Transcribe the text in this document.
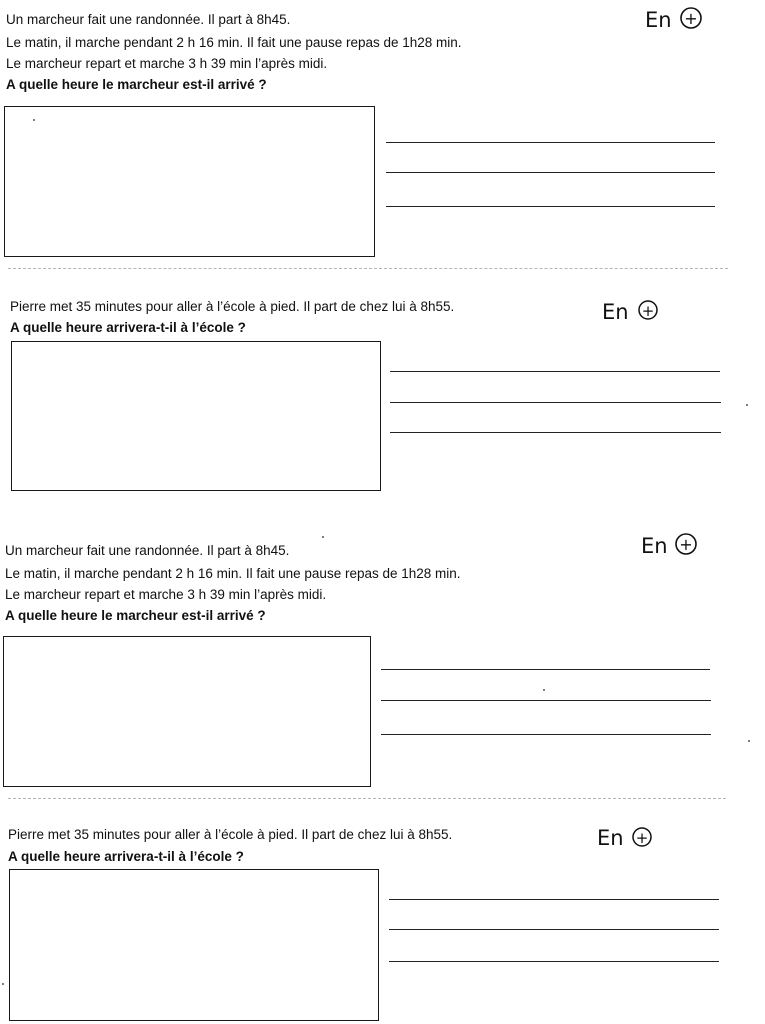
Un marcheur fait une randonnée. Il part à 8h45.
Le matin, il marche pendant 2 h 16 min. Il fait une pause repas de 1h28 min.
Le marcheur repart et marche 3 h 39 min l’après midi.
A quelle heure le marcheur est-il arrivé ?
En +
Pierre met 35 minutes pour aller à l’école à pied. Il part de chez lui à 8h55.
A quelle heure arrivera-t-il à l’école ?
En +
Un marcheur fait une randonnée. Il part à 8h45.
Le matin, il marche pendant 2 h 16 min. Il fait une pause repas de 1h28 min.
Le marcheur repart et marche 3 h 39 min l’après midi.
A quelle heure le marcheur est-il arrivé ?
En +
Pierre met 35 minutes pour aller à l’école à pied. Il part de chez lui à 8h55.
A quelle heure arrivera-t-il à l’école ?
En +
